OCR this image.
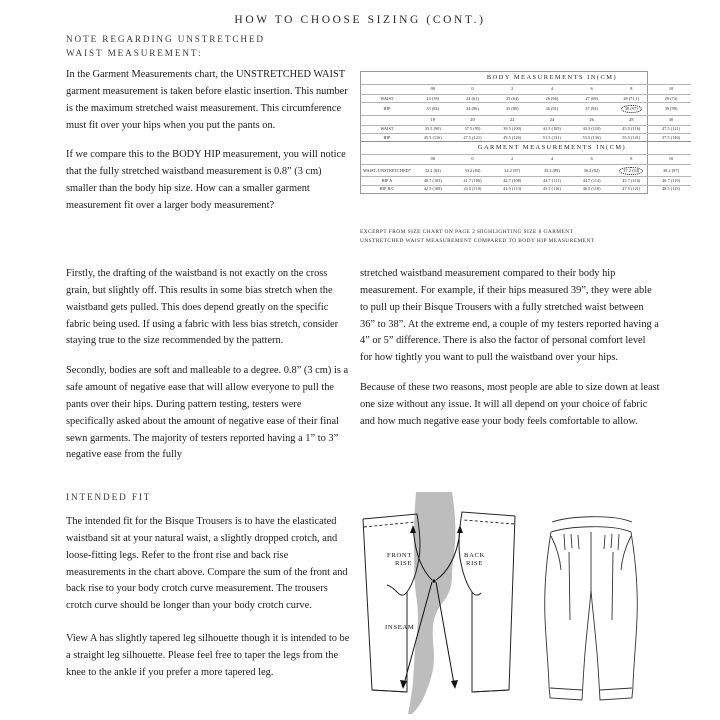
HOW TO CHOOSE SIZING (CONT.)
NOTE REGARDING UNSTRETCHED
WAIST MEASUREMENT:

In the Garment Measurements chart, the UNSTRETCHED WAIST garment measurement is taken before elastic insertion. This number is the maximum stretched waist measurement. This circumference must fit over your hips when you put the pants on.

If we compare this to the BODY HIP measurement, you will notice that the fully stretched waistband measurement is 0.8” (3 cm) smaller than the body hip size. How can a smaller garment measurement fit over a larger body measurement?

Firstly, the drafting of the waistband is not exactly on the cross grain, but slightly off. This results in some bias stretch when the waistband gets pulled. This does depend greatly on the specific fabric being used. If using a fabric with less bias stretch, consider staying true to the size recommended by the pattern.

Secondly, bodies are soft and malleable to a degree. 0.8” (3 cm) is a safe amount of negative ease that will allow everyone to pull the pants over their hips. During pattern testing, testers were specifically asked about the amount of negative ease of their final sewn garments. The majority of testers reported having a 1” to 3” negative ease from the fully

stretched waistband measurement compared to their body hip measurement. For example, if their hips measured 39”, they were able to pull up their Bisque Trousers with a fully stretched waist between 36” to 38”. At the extreme end, a couple of my testers reported having a 4” or 5” difference. There is also the factor of personal comfort level for how tightly you want to pull the waistband over your hips.

Because of these two reasons, most people are able to size down at least one size without any issue. It will all depend on your choice of fabric and how much negative ease your body feels comfortable to allow.

	BODY MEASUREMENTS IN(CM)						
	00	0	2	4	6	8	10
WAIST	23 (58)	24 (61)	25 (64)	26 (66)	27 (69)	28 (71.1)	29 (74)
HIP	33 (84)	34 (86)	35 (89)	36 (91)	37 (94)	38 (97)	39 (99)
	18	20	22	24	26	28	30
WAIST	35.5 (90)	37.5 (95)	39.5 (100)	41.5 (105)	43.5 (110)	45.5 (116)	47.5 (121)
HIP	45.5 (116)	47.5 (121)	49.5 (126)	51.5 (131)	53.5 (136)	55.5 (141)	57.5 (146)
	GARMENT MEASUREMENTS IN(CM)						
	00	0	2	4	6	8	10
WAIST, UNSTRETCHED*	32.2 (82)	33.2 (84)	34.2 (87)	35.2 (89)	36.2 (92)	37.2 (94)	38.2 (97)
HIP A	40.7 (103)	41.7 (106)	42.7 (108)	43.7 (111)	44.7 (114)	45.7 (116)	46.7 (119)
HIP B/C	42.5 (108)	43.5 (110)	44.5 (113)	45.5 (116)	46.5 (118)	47.5 (121)	48.5 (123)
EXCERPT FROM SIZE CHART ON PAGE 2 HIGHLIGHTING SIZE 8 GARMENT
UNSTRETCHED WAIST MEASUREMENT COMPARED TO BODY HIP MEASUREMENT
INTENDED FIT

The intended fit for the Bisque Trousers is to have the elasticated waistband sit at your natural waist, a slightly dropped crotch, and loose-fitting legs. Refer to the front rise and back rise measurements in the chart above. Compare the sum of the front and back rise to your body crotch curve measurement. The trousers crotch curve should be longer than your body crotch curve.

View A has slightly tapered leg silhouette though it is intended to be a straight leg silhouette. Please feel free to taper the legs from the knee to the ankle if you prefer a more tapered leg.

FRONT
RISE
BACK
RISE
INSEAM
